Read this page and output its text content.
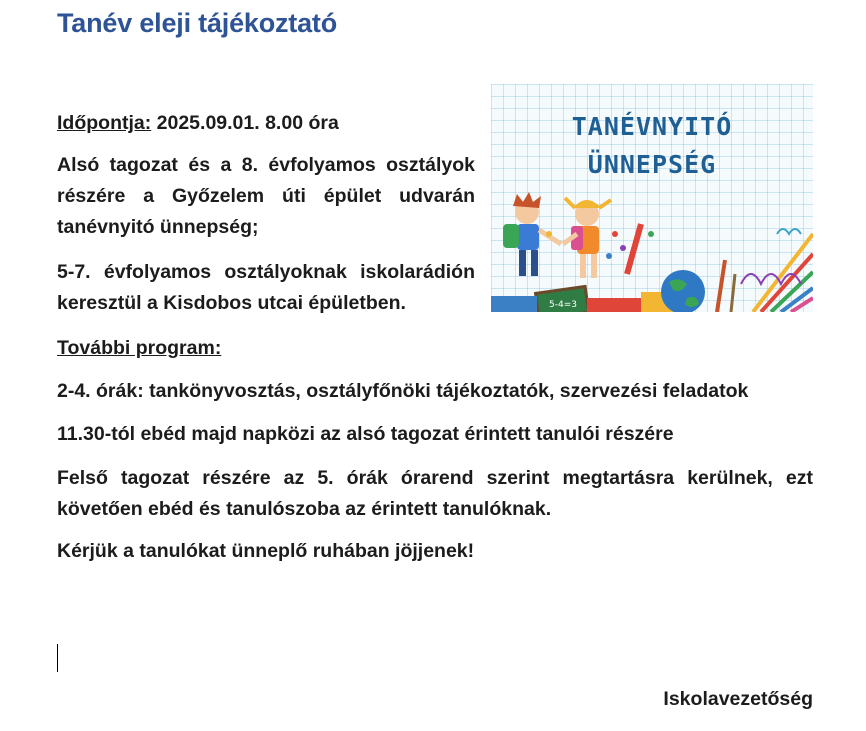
Tanév eleji tájékoztató
TANÉVNYITÓ
ÜNNEPSÉG
5-4=3

Időpontja: 2025.09.01. 8.00 óra

Alsó tagozat és a 8. évfolyamos osztályok részére a Győzelem úti épület udvarán tanévnyitó ünnepség;

5-7. évfolyamos osztályoknak iskolarádión keresztül a Kisdobos utcai épületben.

További program:

2-4. órák: tankönyvosztás, osztályfőnöki tájékoztatók, szervezési feladatok

11.30-tól ebéd majd napközi az alsó tagozat érintett tanulói részére

Felső tagozat részére az 5. órák órarend szerint megtartásra kerülnek, ezt követően ebéd és tanulószoba az érintett tanulóknak.

Kérjük a tanulókat ünneplő ruhában jöjjenek!

Iskolavezetőség
